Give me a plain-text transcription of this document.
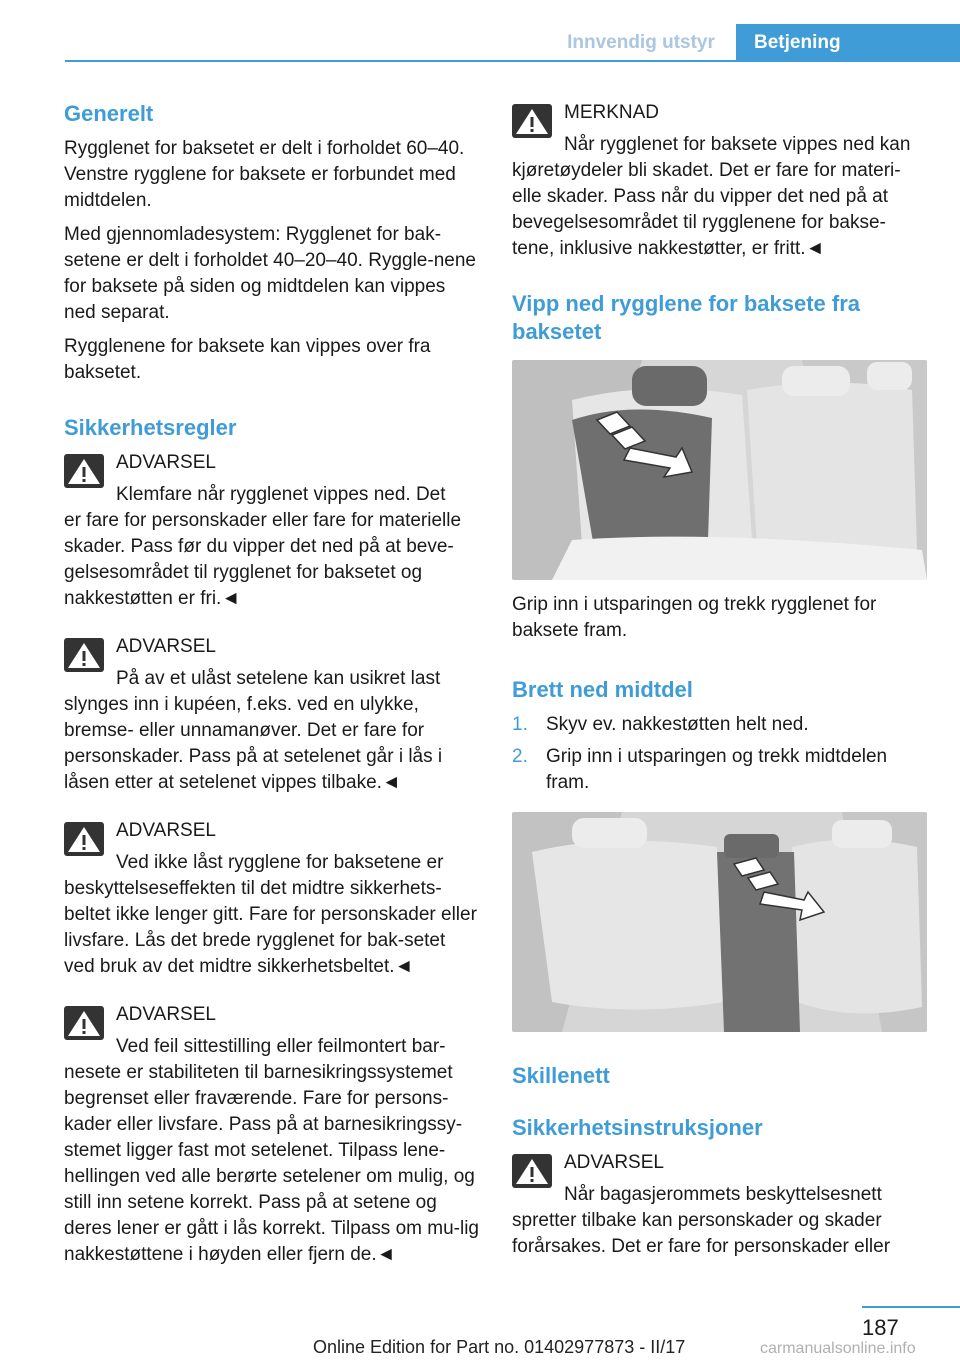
Innvendig utstyr	Betjening
Generelt
Rygglenet for baksetet er delt i forholdet 60–40. Venstre rygglene for baksete er forbundet med midtdelen.
Med gjennomladesystem: Rygglenet for bak-setene er delt i forholdet 40–20–40. Ryggle-nene for baksete på siden og midtdelen kan vippes ned separat.
Rygglenene for baksete kan vippes over fra baksetet.
Sikkerhetsregler
ADVARSEL
Klemfare når rygglenet vippes ned. Det
er fare for personskader eller fare for materielle skader. Pass før du vipper det ned på at beve-gelsesområdet til rygglenet for baksetet og nakkestøtten er fri.◄
ADVARSEL
På av et ulåst setelene kan usikret last
slynges inn i kupéen, f.eks. ved en ulykke, bremse- eller unnamanøver. Det er fare for personskader. Pass på at setelenet går i lås i låsen etter at setelenet vippes tilbake.◄
ADVARSEL
Ved ikke låst rygglene for baksetene er
beskyttelseseffekten til det midtre sikkerhets-beltet ikke lenger gitt. Fare for personskader eller livsfare. Lås det brede rygglenet for bak-setet ved bruk av det midtre sikkerhetsbeltet.◄
ADVARSEL
Ved feil sittestilling eller feilmontert bar-
nesete er stabiliteten til barnesikringssystemet begrenset eller fraværende. Fare for persons-kader eller livsfare. Pass på at barnesikringssy-stemet ligger fast mot setelenet. Tilpass lene-hellingen ved alle berørte setelener om mulig, og still inn setene korrekt. Pass på at setene og deres lener er gått i lås korrekt. Tilpass om mu-lig nakkestøttene i høyden eller fjern de.◄
MERKNAD
Når rygglenet for baksete vippes ned kan
kjøretøydeler bli skadet. Det er fare for materi-elle skader. Pass når du vipper det ned på at bevegelsesområdet til rygglenene for bakse-tene, inklusive nakkestøtter, er fritt.◄
Vipp ned rygglene for baksete fra baksetet
Grip inn i utsparingen og trekk rygglenet for baksete fram.
Brett ned midtdel
1. Skyv ev. nakkestøtten helt ned.
2. Grip inn i utsparingen og trekk midtdelen fram.
Skillenett
Sikkerhetsinstruksjoner
ADVARSEL
Når bagasjerommets beskyttelsesnett
spretter tilbake kan personskader og skader forårsakes. Det er fare for personskader eller
187
Online Edition for Part no. 01402977873 - II/17	carmanualsonline.info
